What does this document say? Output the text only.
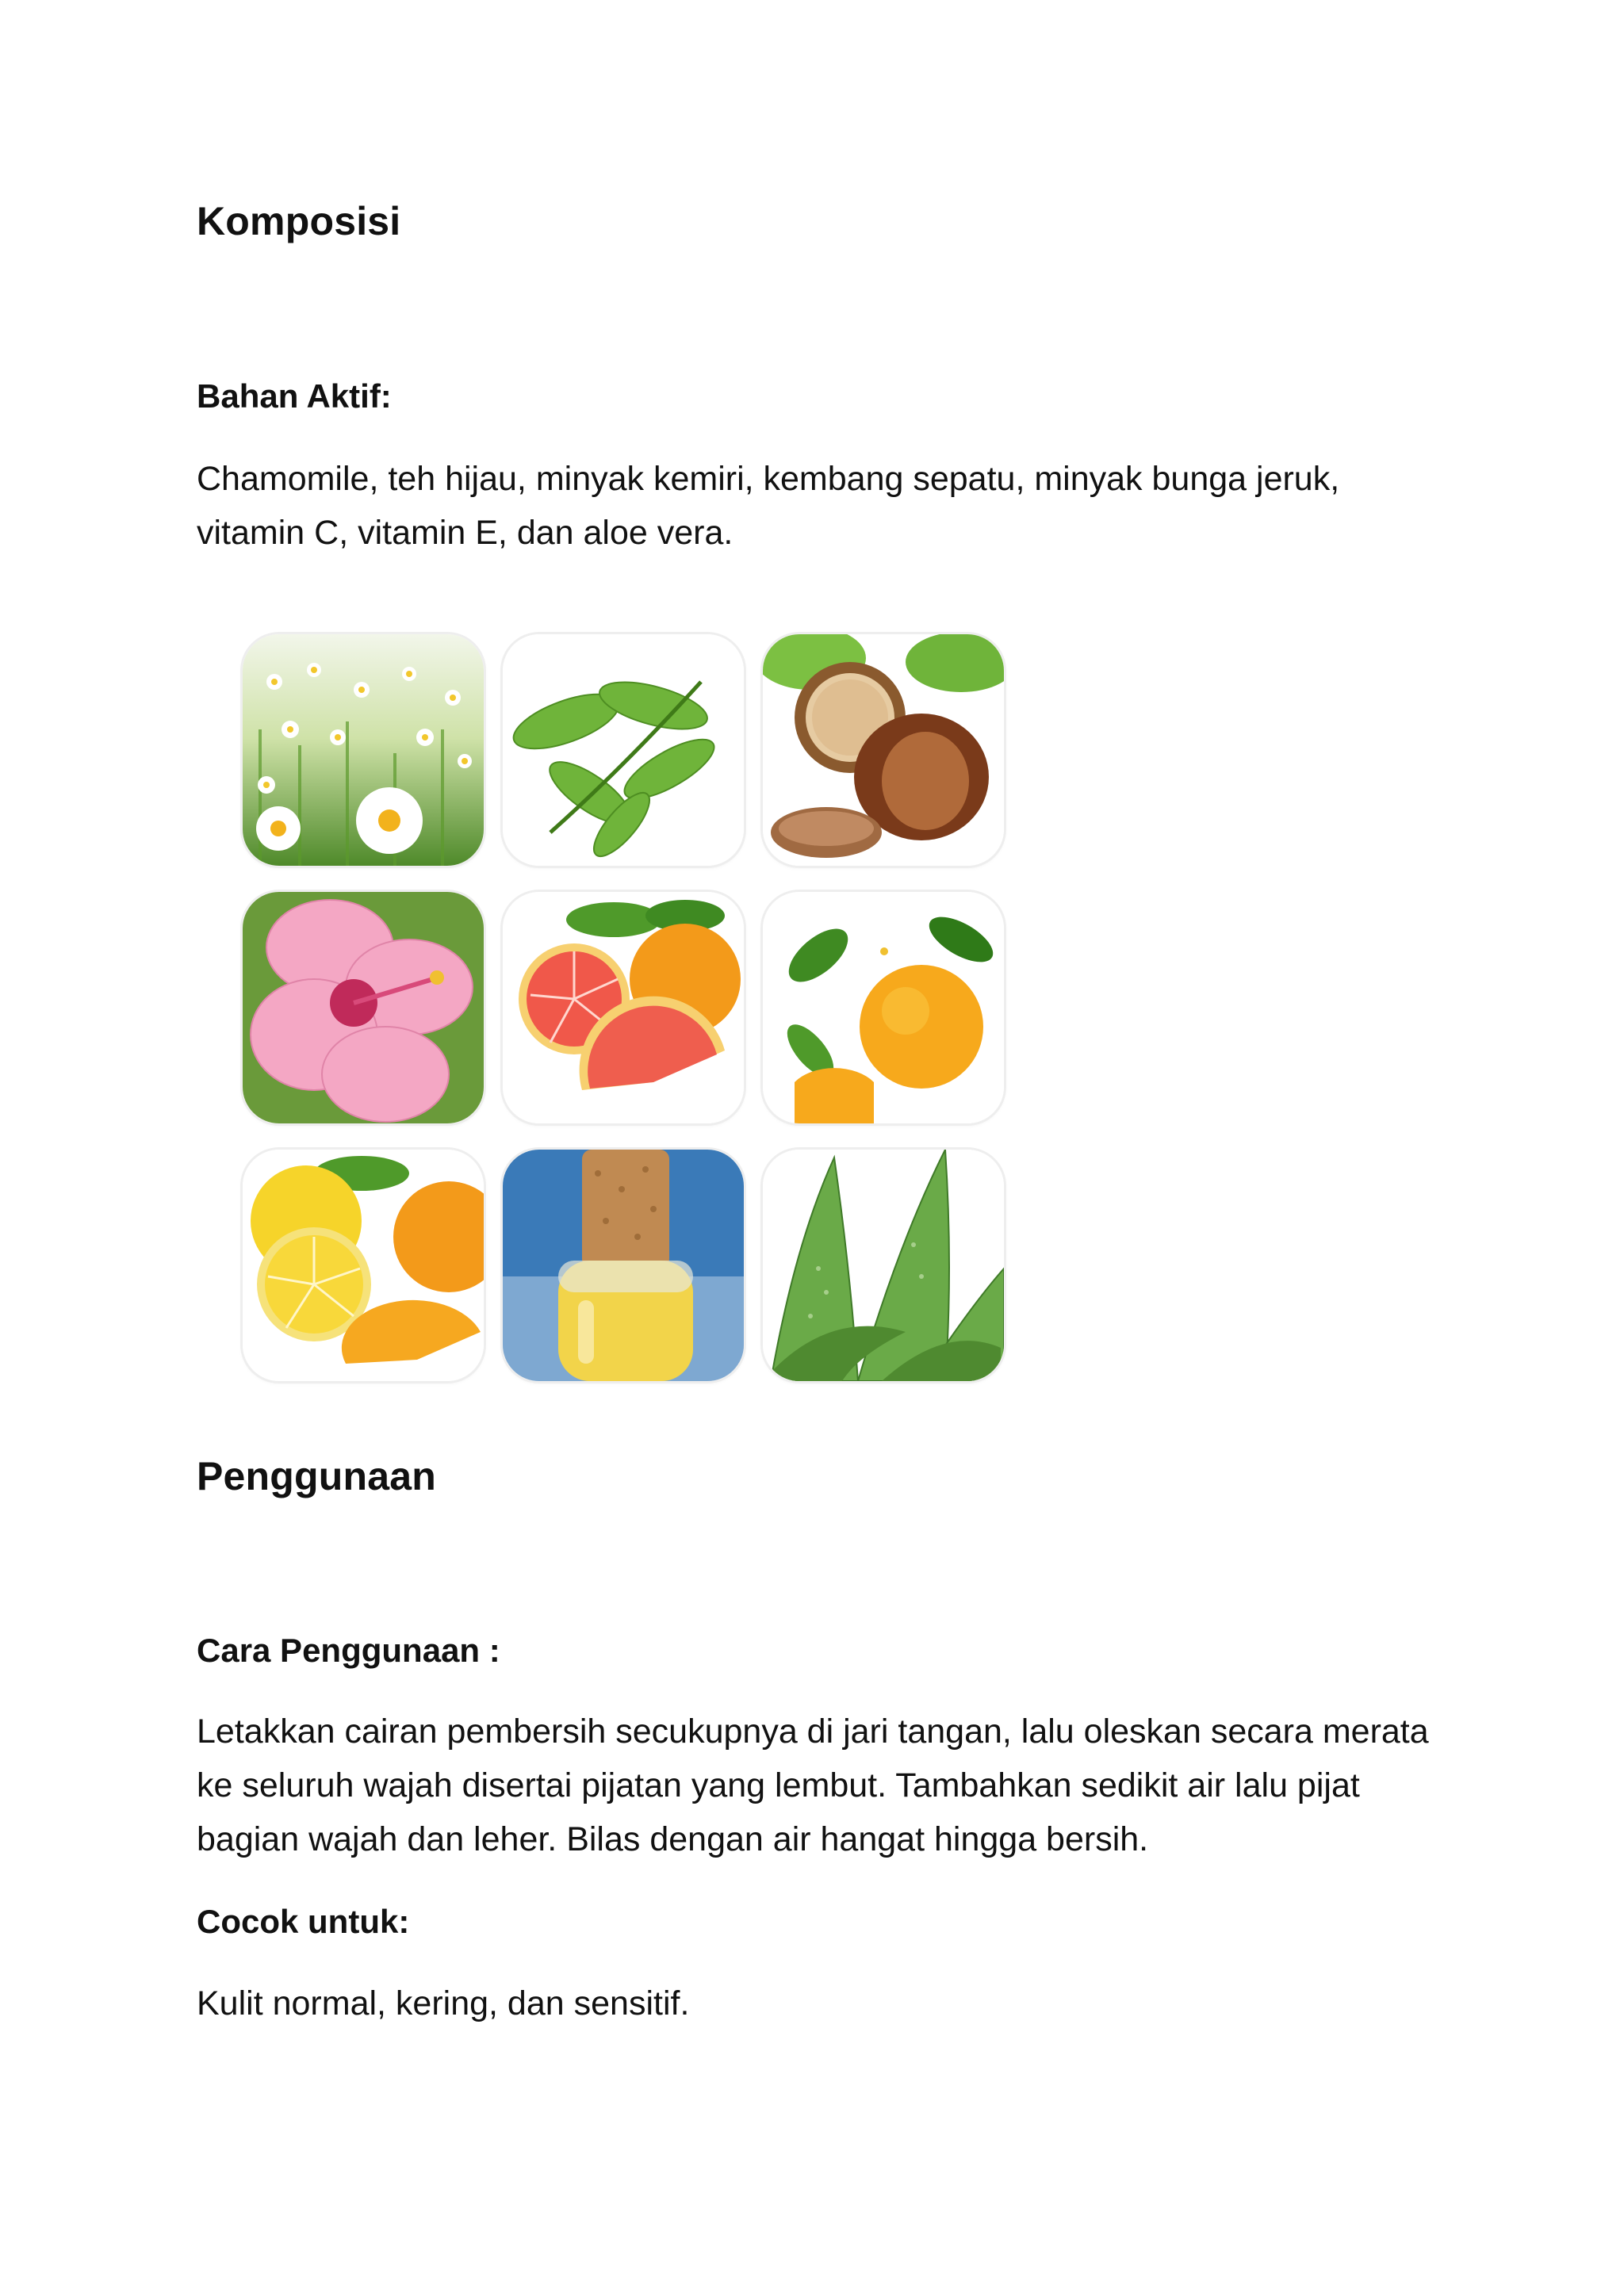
Komposisi
Bahan Aktif:

Chamomile, teh hijau, minyak kemiri, kembang sepatu, minyak bunga jeruk, vitamin C, vitamin E, dan aloe vera.

Penggunaan
Cara Penggunaan :

Letakkan cairan pembersih secukupnya di jari tangan, lalu oleskan secara merata ke seluruh wajah disertai pijatan yang lembut. Tambahkan sedikit air lalu pijat bagian wajah dan leher. Bilas dengan air hangat hingga bersih.

Cocok untuk:

Kulit normal, kering, dan sensitif.
